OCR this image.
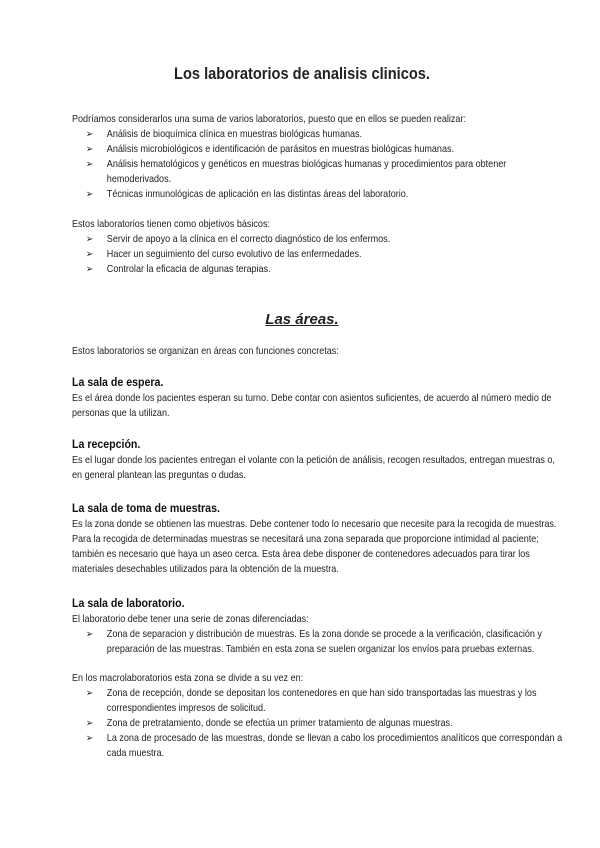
Los laboratorios de analisis clinicos.

Podríamos considerarlos una suma de varios laboratorios, puesto que en ellos se pueden realizar:

➢ Análisis de bioquímica clínica en muestras biológicas humanas.
➢ Análisis microbiológicos e identificación de parásitos en muestras biológicas humanas.
➢ Análisis hematológicos y genéticos en muestras biológicas humanas y procedimientos para obtener
hemoderivados.
➢ Técnicas inmunológicas de aplicación en las distintas áreas del laboratorio.

Estos laboratorios tienen como objetivos básicos:

➢ Servir de apoyo a la clínica en el correcto diagnóstico de los enfermos.
➢ Hacer un seguimiento del curso evolutivo de las enfermedades.
➢ Controlar la eficacia de algunas terapias.
Las áreas.

Estos laboratorios se organizan en áreas con funciones concretas:

La sala de espera.

Es el área donde los pacientes esperan su turno. Debe contar con asientos suficientes, de acuerdo al número medio de

personas que la utilizan.

La recepción.

Es el lugar donde los pacientes entregan el volante con la petición de análisis, recogen resultados, entregan muestras o,

en general plantean las preguntas o dudas.

La sala de toma de muestras.

Es la zona donde se obtienen las muestras. Debe contener todo lo necesario que necesite para la recogida de muestras.

Para la recogida de determinadas muestras se necesitará una zona separada que proporcione intimidad al paciente;

también es necesario que haya un aseo cerca. Esta área debe disponer de contenedores adecuados para tirar los

materiales desechables utilizados para la obtención de la muestra.

La sala de laboratorio.

El laboratorio debe tener una serie de zonas diferenciadas:

➢ Zona de separacion y distribución de muestras. Es la zona donde se procede a la verificación, clasificación y
preparación de las muestras. También en esta zona se suelen organizar los envíos para pruebas externas.

En los macrolaboratorios esta zona se divide a su vez en:

➢ Zona de recepción, donde se depositan los contenedores en que han sido transportadas las muestras y los
correspondientes impresos de solicitud.
➢ Zona de pretratamiento, donde se efectúa un primer tratamiento de algunas muestras.
➢ La zona de procesado de las muestras, donde se llevan a cabo los procedimientos analíticos que correspondan a
cada muestra.
